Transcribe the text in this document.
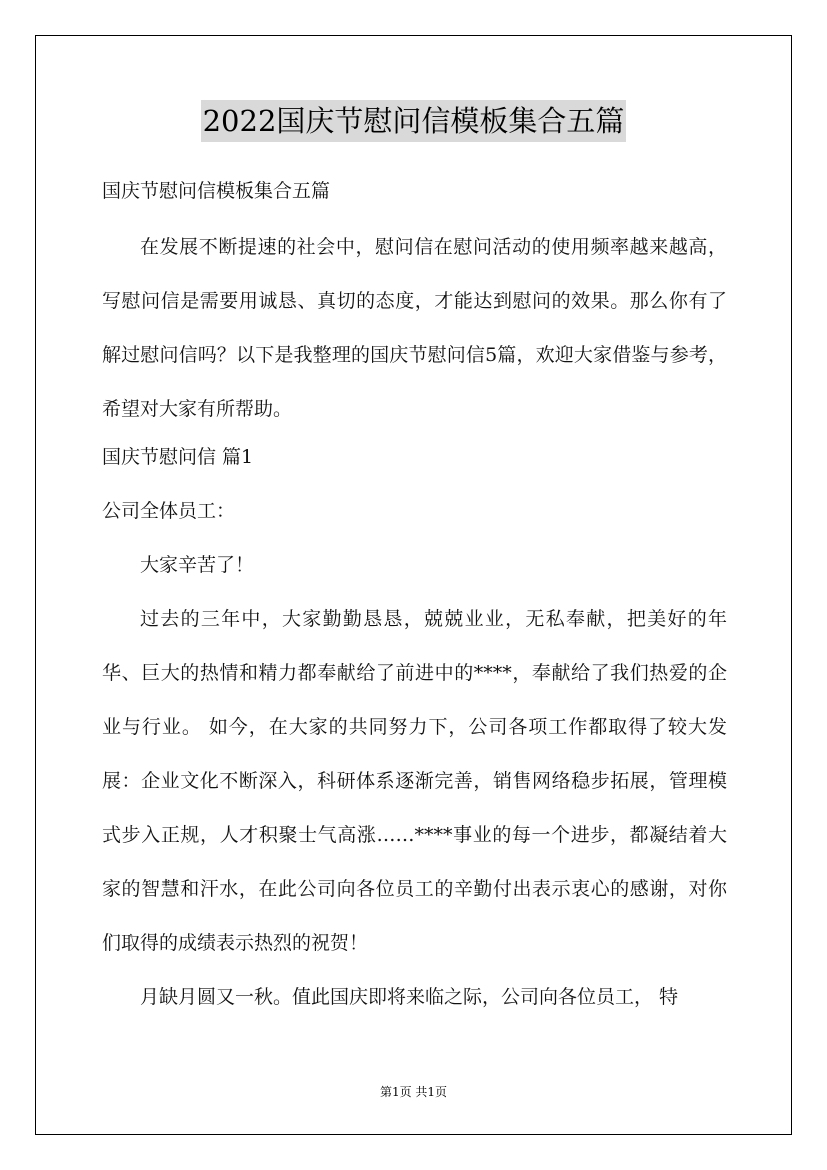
2022国庆节慰问信模板集合五篇

国庆节慰问信模板集合五篇

在发展不断提速的社会中，慰问信在慰问活动的使用频率越来越高，写慰问信是需要用诚恳、真切的态度，才能达到慰问的效果。那么你有了解过慰问信吗？以下是我整理的国庆节慰问信5篇，欢迎大家借鉴与参考，希望对大家有所帮助。

国庆节慰问信 篇1

公司全体员工：

大家辛苦了！

过去的三年中，大家勤勤恳恳，兢兢业业，无私奉献，把美好的年华、巨大的热情和精力都奉献给了前进中的****，奉献给了我们热爱的企业与行业。 如今，在大家的共同努力下，公司各项工作都取得了较大发展：企业文化不断深入，科研体系逐渐完善，销售网络稳步拓展，管理模式步入正规，人才积聚士气高涨……****事业的每一个进步，都凝结着大家的智慧和汗水，在此公司向各位员工的辛勤付出表示衷心的感谢，对你们取得的成绩表示热烈的祝贺！

月缺月圆又一秋。值此国庆即将来临之际，公司向各位员工， 特

第1页 共1页
